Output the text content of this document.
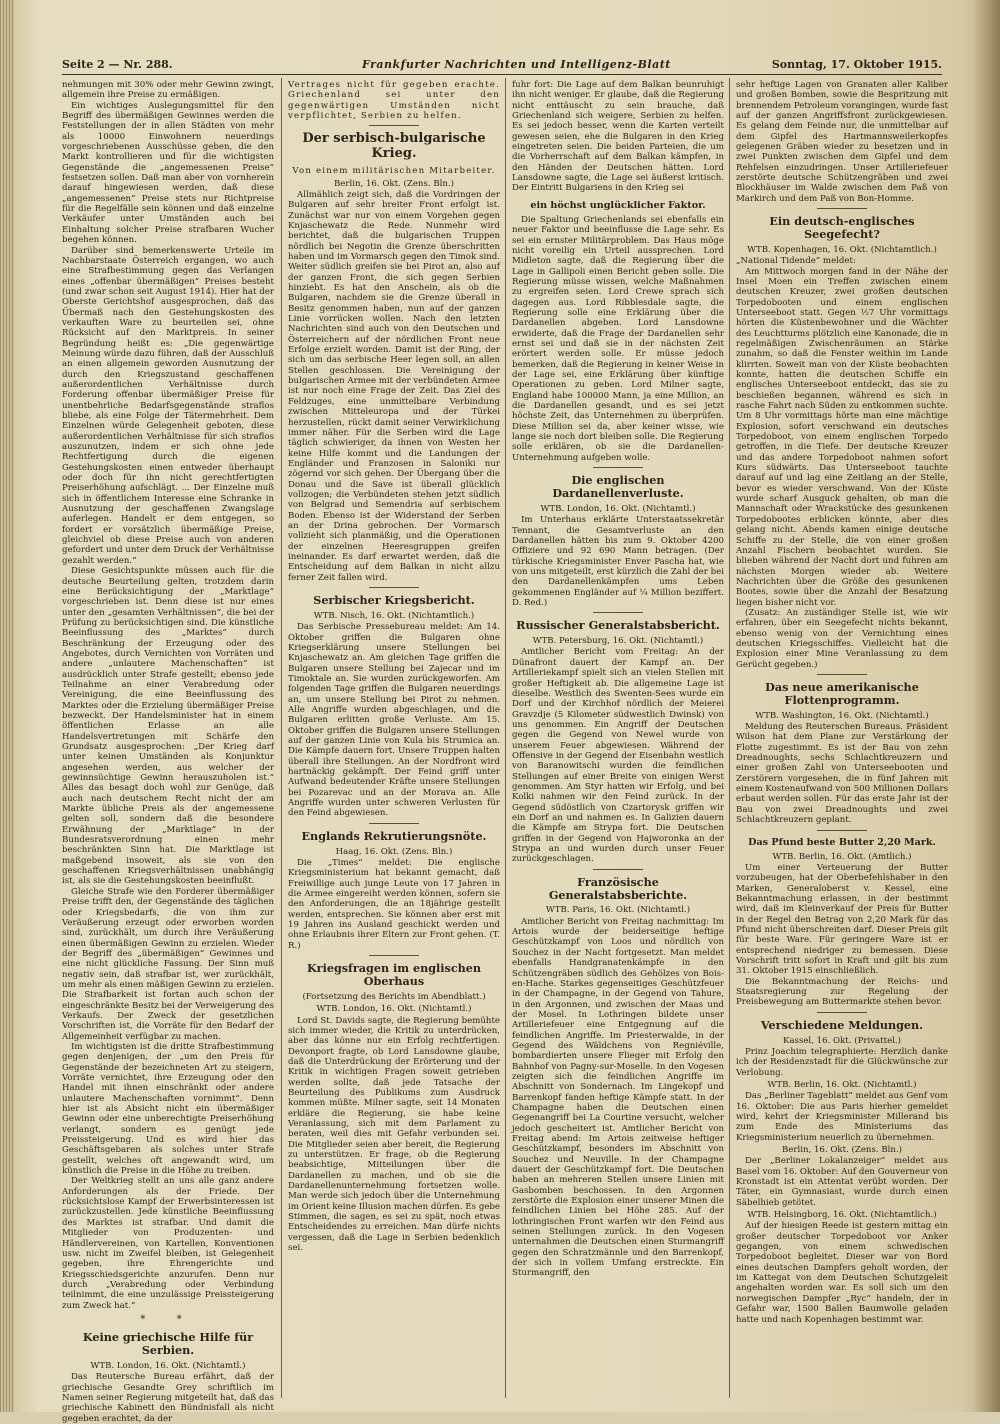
Seite 2 — Nr. 288.	Frankfurter Nachrichten und Intelligenz-Blatt	Sonntag, 17. Oktober 1915.

nehmungen mit 30% oder mehr Gewinn zwingt, allgemein ihre Preise zu ermäßigen.

Ein wichtiges Auslegungsmittel für den Begriff des übermäßigen Gewinnes werden die Feststellungen der in allen Städten von mehr als 10000 Einwohnern neuerdings vorgeschriebenen Ausschüsse geben, die den Markt kontrollieren und für die wichtigsten Gegenstände die „angemessenen Preise“ festsetzen sollen. Daß man aber von vornherein darauf hingewiesen werden, daß diese „angemessenen“ Preise stets nur Richtpreise für die Regelfälle sein können und daß einzelne Verkäufer unter Umständen auch bei Einhaltung solcher Preise strafbaren Wucher begehen können.

Darüber sind bemerkenswerte Urteile im Nachbarstaate Österreich ergangen, wo auch eine Strafbestimmung gegen das Verlangen eines „offenbar übermäßigen“ Preises besteht (und zwar schon seit August 1914). Hier hat der Oberste Gerichtshof ausgesprochen, daß das Übermaß nach den Gestehungskosten des verkauften Ware zu beurteilen sei, ohne Rücksicht auf den Marktpreis. In seiner Begründung heißt es: „Die gegenwärtige Meinung würde dazu führen, daß der Ausschluß an einen allgemein geworden Ausnutzung der durch den Kriegszustand geschaffenen außerordentlichen Verhältnisse durch Forderung offenbar übermäßiger Preise für unentbehrliche Bedarfsgegenstände straflos bliebe, als eine Folge der Tätermehrheit. Dem Einzelnen würde Gelegenheit geboten, diese außerordentlichen Verhältnisse für sich straflos auszunutzen, indem er sich ohne jede Rechtfertigung durch die eigenen Gestehungskosten einen entweder überhaupt oder doch für ihn nicht gerechtfertigten Preiserhöhung aufschlägt. ... Der Einzelne muß sich in öffentlichem Interesse eine Schranke in Ausnutzung der geschaffenen Zwangslage auferlegen. Handelt er dem entgegen, so fordert er vorsätzlich übermäßige Preise, gleichviel ob diese Preise auch von anderen gefordert und unter dem Druck der Verhältnisse gezahlt werden.“

Diese Gesichtspunkte müssen auch für die deutsche Beurteilung gelten, trotzdem darin eine Berücksichtigung der „Marktlage“ vorgeschrieben ist. Denn diese ist nur eines unter den „gesamten Verhältnissen“, die bei der Prüfung zu berücksichtigen sind. Die künstliche Beeinflussung des „Marktes“ durch Beschränkung der Erzeugung oder des Angebotes, durch Vernichten von Vorräten und andere „unlautere Machenschaften“ ist ausdrücklich unter Strafe gestellt; ebenso jede Teilnahme an einer Verabredung oder Vereinigung, die eine Beeinflussung des Marktes oder die Erzielung übermäßiger Preise bezweckt. Der Handelsminister hat in einem öffentlichen Erlasse an alle Handelsvertretungen mit Schärfe den Grundsatz ausgesprochen: „Der Krieg darf unter keinen Umständen als Konjunktur angesehen werden, aus welcher der gewinnsüchtige Gewinn herauszuholen ist.“ Alles das besagt doch wohl zur Genüge, daß auch nach deutschem Recht nicht der am Markte übliche Preis als der angemessene gelten soll, sondern daß die besondere Erwähnung der „Marktlage“ in der Bundesratsverordnung einen mehr beschränkten Sinn hat. Die Marktlage ist maßgebend insoweit, als sie von den geschaffenen Kriegsverhältnissen unabhängig ist, als sie die Gestehungskosten beeinflußt.

Gleiche Strafe wie den Forderer übermäßiger Preise trifft den, der Gegenstände des täglichen oder Kriegsbedarfs, die von ihm zur Veräußerung erzeugt oder erworben worden sind, zurückhält, um durch ihre Veräußerung einen übermäßigen Gewinn zu erzielen. Wieder der Begriff des „übermäßigen“ Gewinnes und eine nicht glückliche Fassung. Der Sinn muß negativ sein, daß strafbar ist, wer zurückhält, um mehr als einen mäßigen Gewinn zu erzielen. Die Strafbarkeit ist fortan auch schon der eingeschränkte Besitz bei der Verweigerung des Verkaufs. Der Zweck der gesetzlichen Vorschriften ist, die Vorräte für den Bedarf der Allgemeinheit verfügbar zu machen.

Im wichtigsten ist die dritte Strafbestimmung gegen denjenigen, der „um den Preis für Gegenstände der bezeichneten Art zu steigern, Vorräte vernichtet, ihre Erzeugung oder den Handel mit ihnen einschränkt oder andere unlautere Machenschaften vornimmt“. Denn hier ist als Absicht nicht ein übermäßiger Gewinn oder eine unberechtigte Preiserhöhung verlangt, sondern es genügt jede Preissteigerung. Und es wird hier das Geschäftsgebaren als solches unter Strafe gestellt, welches oft angewandt wird, um künstlich die Preise in die Höhe zu treiben.

Der Weltkrieg stellt an uns alle ganz andere Anforderungen als der Friede. Der rücksichtslose Kampf der Erwerbsinteressen ist zurückzustellen. Jede künstliche Beeinflussung des Marktes ist strafbar. Und damit die Mitglieder von Produzenten- und Händlervereinen, von Kartellen, Konventionen usw. nicht im Zweifel bleiben, ist Gelegenheit gegeben, ihre Ehrengerichte und Kriegsschiedsgerichte anzurufen. Denn nur durch „Verabredung oder Verbindung teilnimmt, die eine unzulässige Preissteigerung zum Zweck hat.“

* *
Keine griechische Hilfe für Serbien.
WTB. London, 16. Okt. (Nichtamtl.)

Das Reutersche Bureau erfährt, daß der griechische Gesandte Grey schriftlich im Namen seiner Regierung mitgeteilt hat, daß das griechische Kabinett den Bündnisfall als nicht gegeben erachtet, da der

Vertrages nicht für gegeben erachte. Griechenland sei unter den gegenwärtigen Umständen nicht verpflichtet, Serbien zu helfen.

Der serbisch-bulgarische Krieg.
Von einem militärischen Mitarbeiter.
Berlin, 16. Okt. (Zens. Bln.)

Allmählich zeigt sich, daß die Vordringen der Bulgaren auf sehr breiter Front erfolgt ist. Zunächst war nur von einem Vorgehen gegen Knjaschewatz die Rede. Nunmehr wird berichtet, daß die bulgarischen Truppen nördlich bei Negotin die Grenze überschritten haben und im Vormarsch gegen den Timok sind. Weiter südlich greifen sie bei Pirot an, also auf der ganzen Front, die sich gegen Serbien hinzieht. Es hat den Anschein, als ob die Bulgaren, nachdem sie die Grenze überall in Besitz genommen haben, nun auf der ganzen Linie vorrücken wollen. Nach den letzten Nachrichten sind auch von den Deutschen und Österreichern auf der nördlichen Front neue Erfolge erzielt worden. Damit ist der Ring, der sich um das serbische Heer legen soll, an allen Stellen geschlossen. Die Vereinigung der bulgarischen Armee mit der verbündeten Armee ist nur noch eine Frage der Zeit. Das Ziel des Feldzuges, eine unmittelbare Verbindung zwischen Mitteleuropa und der Türkei herzustellen, rückt damit seiner Verwirklichung immer näher. Für die Serben wird die Lage täglich schwieriger, da ihnen von Westen her keine Hilfe kommt und die Landungen der Engländer und Franzosen in Saloniki nur zögernd vor sich gehen. Der Übergang über die Donau und die Save ist überall glücklich vollzogen; die Verbündeten stehen jetzt südlich von Belgrad und Semendria auf serbischem Boden. Ebenso ist der Widerstand der Serben an der Drina gebrochen. Der Vormarsch vollzieht sich planmäßig, und die Operationen der einzelnen Heeresgruppen greifen ineinander. Es darf erwartet werden, daß die Entscheidung auf dem Balkan in nicht allzu ferner Zeit fallen wird.

Serbischer Kriegsbericht.
WTB. Nisch, 16. Okt. (Nichtamtlich.)

Das Serbische Pressebureau meldet: Am 14. Oktober griffen die Bulgaren ohne Kriegserklärung unsere Stellungen bei Knjaschewatz an. Am gleichen Tage griffen die Bulgaren unsere Stellung bei Zajecar und im Timoktale an. Sie wurden zurückgeworfen. Am folgenden Tage griffen die Bulgaren neuerdings an, um unsere Stellung bei Pirot zu nehmen. Alle Angriffe wurden abgeschlagen, und die Bulgaren erlitten große Verluste. Am 15. Oktober griffen die Bulgaren unsere Stellungen auf der ganzen Linie von Kula bis Strumica an. Die Kämpfe dauern fort. Unsere Truppen halten überall ihre Stellungen. An der Nordfront wird hartnäckig gekämpft. Der Feind griff unter Aufwand bedeutender Kräfte unsere Stellungen bei Pozarevac und an der Morava an. Alle Angriffe wurden unter schweren Verlusten für den Feind abgewiesen.

Englands Rekrutierungsnöte.
Haag, 16. Okt. (Zens. Bln.)

Die „Times“ meldet: Die englische Kriegsministerium hat bekannt gemacht, daß Freiwillige auch junge Leute von 17 Jahren in die Armee eingereiht werden können, sofern sie den Anforderungen, die an 18jährige gestellt werden, entsprechen. Sie können aber erst mit 19 Jahren ins Ausland geschickt werden und ohne Erlaubnis ihrer Eltern zur Front gehen. (T. R.)

Kriegsfragen im englischen Oberhaus
(Fortsetzung des Berichts im Abendblatt.)
WTB. London, 16. Okt. (Nichtamtl.)

Lord St. Davids sagte, die Regierung bemühte sich immer wieder, die Kritik zu unterdrücken, aber das könne nur ein Erfolg rechtfertigen. Devonport fragte, ob Lord Lansdowne glaube, daß die Unterdrückung der Erörterung und der Kritik in wichtigen Fragen soweit getrieben werden sollte, daß jede Tatsache der Beurteilung des Publikums zum Ausdruck kommen müßte. Milner sagte, seit 14 Monaten erkläre die Regierung, sie habe keine Veranlassung, sich mit dem Parlament zu beraten, weil dies mit Gefahr verbunden sei. Die Mitglieder seien aber bereit, die Regierung zu unterstützen. Er frage, ob die Regierung beabsichtige, Mitteilungen über die Dardanellen zu machen, und ob sie die Dardanellenunternehmung fortsetzen wolle. Man werde sich jedoch über die Unternehmung im Orient keine Illusion machen dürfen. Es gebe Stimmen, die sagen, es sei zu spät, noch etwas Entscheidendes zu erreichen. Man dürfe nichts vergessen, daß die Lage in Serbien bedenklich sei.

fuhr fort: Die Lage auf dem Balkan beunruhigt ihn nicht weniger. Er glaube, daß die Regierung nicht enttäuscht zu sein brauche, daß Griechenland sich weigere, Serbien zu helfen. Es sei jedoch besser, wenn die Karten verteilt gewesen seien, ehe die Bulgaren in den Krieg eingetreten seien. Die beiden Parteien, die um die Vorherrschaft auf dem Balkan kämpfen, in den Händen der Deutschen hätten. Lord Lansdowne sagte, die Lage sei äußerst kritisch. Der Eintritt Bulgariens in den Krieg sei

ein höchst unglücklicher Faktor.

Die Spaltung Griechenlands sei ebenfalls ein neuer Faktor und beeinflusse die Lage sehr. Es sei ein ernster Militärproblem. Das Haus möge nicht voreilig ein Urteil aussprechen. Lord Midleton sagte, daß die Regierung über die Lage in Gallipoli einen Bericht geben solle. Die Regierung müsse wissen, welche Maßnahmen zu ergreifen seien. Lord Crewe sprach sich dagegen aus. Lord Ribblesdale sagte, die Regierung solle eine Erklärung über die Dardanellen abgeben. Lord Lansdowne erwiderte, daß die Frage der Dardanellen sehr ernst sei und daß sie in der nächsten Zeit erörtert werden solle. Er müsse jedoch bemerken, daß die Regierung in keiner Weise in der Lage sei, eine Erklärung über künftige Operationen zu geben. Lord Milner sagte, England habe 100000 Mann, ja eine Million, an die Dardanellen gesandt, und es sei jetzt höchste Zeit, das Unternehmen zu überprüfen. Diese Million sei da, aber keiner wisse, wie lange sie noch dort bleiben solle. Die Regierung solle erklären, ob sie die Dardanellen-Unternehmung aufgeben wolle.

Die englischen Dardanellenverluste.
WTB. London, 16. Okt. (Nichtamtl.)

Im Unterhaus erklärte Unterstaatssekretär Tennant, die Gesamtverluste an den Dardanellen hätten bis zum 9. Oktober 4200 Offiziere und 92 690 Mann betragen. (Der türkische Kriegsminister Enver Pascha hat, wie von uns mitgeteilt, erst kürzlich die Zahl der bei den Dardanellenkämpfen ums Leben gekommenen Engländer auf ¼ Million beziffert. D. Red.)

Russischer Generalstabsbericht.
WTB. Petersburg, 16. Okt. (Nichtamtl.)

Amtlicher Bericht vom Freitag: An der Dünafront dauert der Kampf an. Der Artilleriekampf spielt sich an vielen Stellen mit großer Heftigkeit ab. Die allgemeine Lage ist dieselbe. Westlich des Swenten-Sees wurde ein Dorf und der Kirchhof nördlich der Meierei Gravzdje (5 Kilometer südwestlich Dwinsk) von uns genommen. Ein Angriff der Deutschen gegen die Gegend von Newel wurde von unserem Feuer abgewiesen. Während der Offensive in der Gegend der Eisenbahn westlich von Baranowitschi wurden die feindlichen Stellungen auf einer Breite von einigen Werst genommen. Am Styr hatten wir Erfolg, und bei Kolki nahmen wir den Feind zurück. In der Gegend südöstlich von Czartorysk griffen wir ein Dorf an und nahmen es. In Galizien dauern die Kämpfe am Strypa fort. Die Deutschen griffen in der Gegend von Hajworonka an der Strypa an und wurden durch unser Feuer zurückgeschlagen.

Französische Generalstabsberichte.
WTB. Paris, 16. Okt. (Nichtamtl.)

Amtlicher Bericht von Freitag nachmittag: Im Artois wurde der beiderseitige heftige Geschützkampf von Loos und nördlich von Souchez in der Nacht fortgesetzt. Man meldet ebenfalls Handgranatenkämpfe in den Schützengräben südlich des Gehölzes von Bois-en-Hache. Starkes gegenseitiges Geschützfeuer in der Champagne, in der Gegend von Tahure, in den Argonnen, und zwischen der Maas und der Mosel. In Lothringen bildete unser Artilleriefeuer eine Entgegnung auf die feindlichen Angriffe. Im Priesterwalde, in der Gegend des Wäldchens von Regniéville, bombardierten unsere Flieger mit Erfolg den Bahnhof von Pagny-sur-Moselle. In den Vogesen zeigten sich die feindlichen Angriffe im Abschnitt von Sondernach. Im Lingekopf und Barrenkopf fanden heftige Kämpfe statt. In der Champagne haben die Deutschen einen Gegenangriff bei La Courtine versucht, welcher jedoch gescheitert ist. Amtlicher Bericht von Freitag abend: Im Artois zeitweise heftiger Geschützkampf, besonders im Abschnitt von Souchez und Neuville. In der Champagne dauert der Geschützkampf fort. Die Deutschen haben an mehreren Stellen unsere Linien mit Gasbomben beschossen. In den Argonnen zerstörte die Explosion einer unserer Minen die feindlichen Linien bei Höhe 285. Auf der lothringischen Front warfen wir den Feind aus seinen Stellungen zurück. In den Vogesen unternahmen die Deutschen einen Sturmangriff gegen den Schratzmännle und den Barrenkopf, der sich in vollem Umfang erstreckte. Ein Sturmangriff, den

sehr heftige Lagen von Granaten aller Kaliber und großen Bomben, sowie die Bespritzung mit brennendem Petroleum vorangingen, wurde fast auf der ganzen Angriffsfront zurückgewiesen. Es gelang dem Feinde nur, die unmittelbar auf dem Gipfel des Hartmannsweilerkopfes gelegenen Gräben wieder zu besetzen und in zwei Punkten zwischen dem Gipfel und dem Rehfelsen einzudringen. Unser Artilleriefeuer zerstörte deutsche Schützengräben und zwei Blockhäuser im Walde zwischen dem Paß von Markirch und dem Paß von Bon-Homme.

Ein deutsch-englisches Seegefecht?
WTB. Kopenhagen, 16. Okt. (Nichtamtlich.)

„National Tidende“ meldet:

Am Mittwoch morgen fand in der Nähe der Insel Moen ein Treffen zwischen einem deutschen Kreuzer, zwei großen deutschen Torpedobooten und einem englischen Unterseeboot statt. Gegen ½7 Uhr vormittags hörten die Küstenbewohner und die Wächter des Leuchtturms plötzlich eine Kanonade, die in regelmäßigen Zwischenräumen an Stärke zunahm, so daß die Fenster weithin im Lande klirrten. Soweit man von der Küste beobachten konnte, hatten die deutschen Schiffe ein englisches Unterseeboot entdeckt, das sie zu beschießen begannen, während es sich in rasche Fahrt nach Süden zu entkommen suchte. Um 8 Uhr vormittags hörte man eine mächtige Explosion, sofort verschwand ein deutsches Torpedoboot, von einem englischen Torpedo getroffen, in die Tiefe. Der deutsche Kreuzer und das andere Torpedoboot nahmen sofort Kurs südwärts. Das Unterseeboot tauchte darauf auf und lag eine Zeitlang an der Stelle, bevor es wieder verschwand. Von der Küste wurde scharf Ausguck gehalten, ob man die Mannschaft oder Wrackstücke des gesunkenen Torpedobootes erblicken könnte, aber dies gelang nicht. Abends kamen einige deutsche Schiffe zu der Stelle, die von einer großen Anzahl Fischern beobachtet wurden. Sie blieben während der Nacht dort und fuhren am nächsten Morgen wieder ab. Weitere Nachrichten über die Größe des gesunkenen Bootes, sowie über die Anzahl der Besatzung liegen bisher nicht vor.

(Zusatz: An zuständiger Stelle ist, wie wir erfahren, über ein Seegefecht nichts bekannt, ebenso wenig von der Vernichtung eines deutschen Kriegsschiffes. Vielleicht hat die Explosion einer Mine Veranlassung zu dem Gerücht gegeben.)

Das neue amerikanische Flottenprogramm.
WTB. Washington, 16. Okt. (Nichtamtl.)

Meldung des Reuterschen Bureaus. Präsident Wilson hat dem Plane zur Verstärkung der Flotte zugestimmt. Es ist der Bau von zehn Dreadnoughts, sechs Schlachtkreuzern und einer großen Zahl von Unterseebooten und Zerstörern vorgesehen, die in fünf Jahren mit einem Kostenaufwand von 500 Millionen Dollars erbaut werden sollen. Für das erste Jahr ist der Bau von zwei Dreadnoughts und zwei Schlachtkreuzern geplant.

Das Pfund beste Butter 2,20 Mark.
WTB. Berlin, 16. Okt. (Amtlich.)

Um einer Verteuerung der Butter vorzubeugen, hat der Oberbefehlshaber in den Marken, Generaloberst v. Kessel, eine Bekanntmachung erlassen, in der bestimmt wird, daß im Kleinverkauf der Preis für Butter in der Regel den Betrag von 2,20 Mark für das Pfund nicht überschreiten darf. Dieser Preis gilt für beste Ware. Für geringere Ware ist er entsprechend niedriger zu bemessen. Diese Vorschrift tritt sofort in Kraft und gilt bis zum 31. Oktober 1915 einschließlich.

Die Bekanntmachung der Reichs- und Staatsregierung zur Regelung der Preisbewegung am Buttermarkte stehen bevor.

Verschiedene Meldungen.
Kassel, 16. Okt. (Privattel.)

Prinz Joachim telegraphierte: Herzlich danke ich der Residenzstadt für die Glückwünsche zur Verlobung.

WTB. Berlin, 16. Okt. (Nichtamtl.)

Das „Berliner Tageblatt“ meldet aus Genf vom 16. Oktober: Die aus Paris hierher gemeldet wird, kehrt der Kriegsminister Millerand bis zum Ende des Ministeriums das Kriegsministerium neuerlich zu übernehmen.

Berlin, 16. Okt. (Zens. Bln.)

Der „Berliner Lokalanzeiger“ meldet aus Basel vom 16. Oktober: Auf den Gouverneur von Kronstadt ist ein Attentat verübt worden. Der Täter, ein Gymnasiast, wurde durch einen Säbelhieb getötet.

WTB. Helsingborg, 16. Okt. (Nichtamtlich.)

Auf der hiesigen Reede ist gestern mittag ein großer deutscher Torpedoboot vor Anker gegangen, von einem schwedischen Torpedoboot begleitet. Dieser war von Bord eines deutschen Dampfers geholt worden, der im Kattegat von dem Deutschen Schutzgeleit angehalten worden war. Es soll sich um den norwegischen Dampfer „Ryc“ handeln, der in Gefahr war, 1500 Ballen Baumwolle geladen hatte und nach Kopenhagen bestimmt war.
